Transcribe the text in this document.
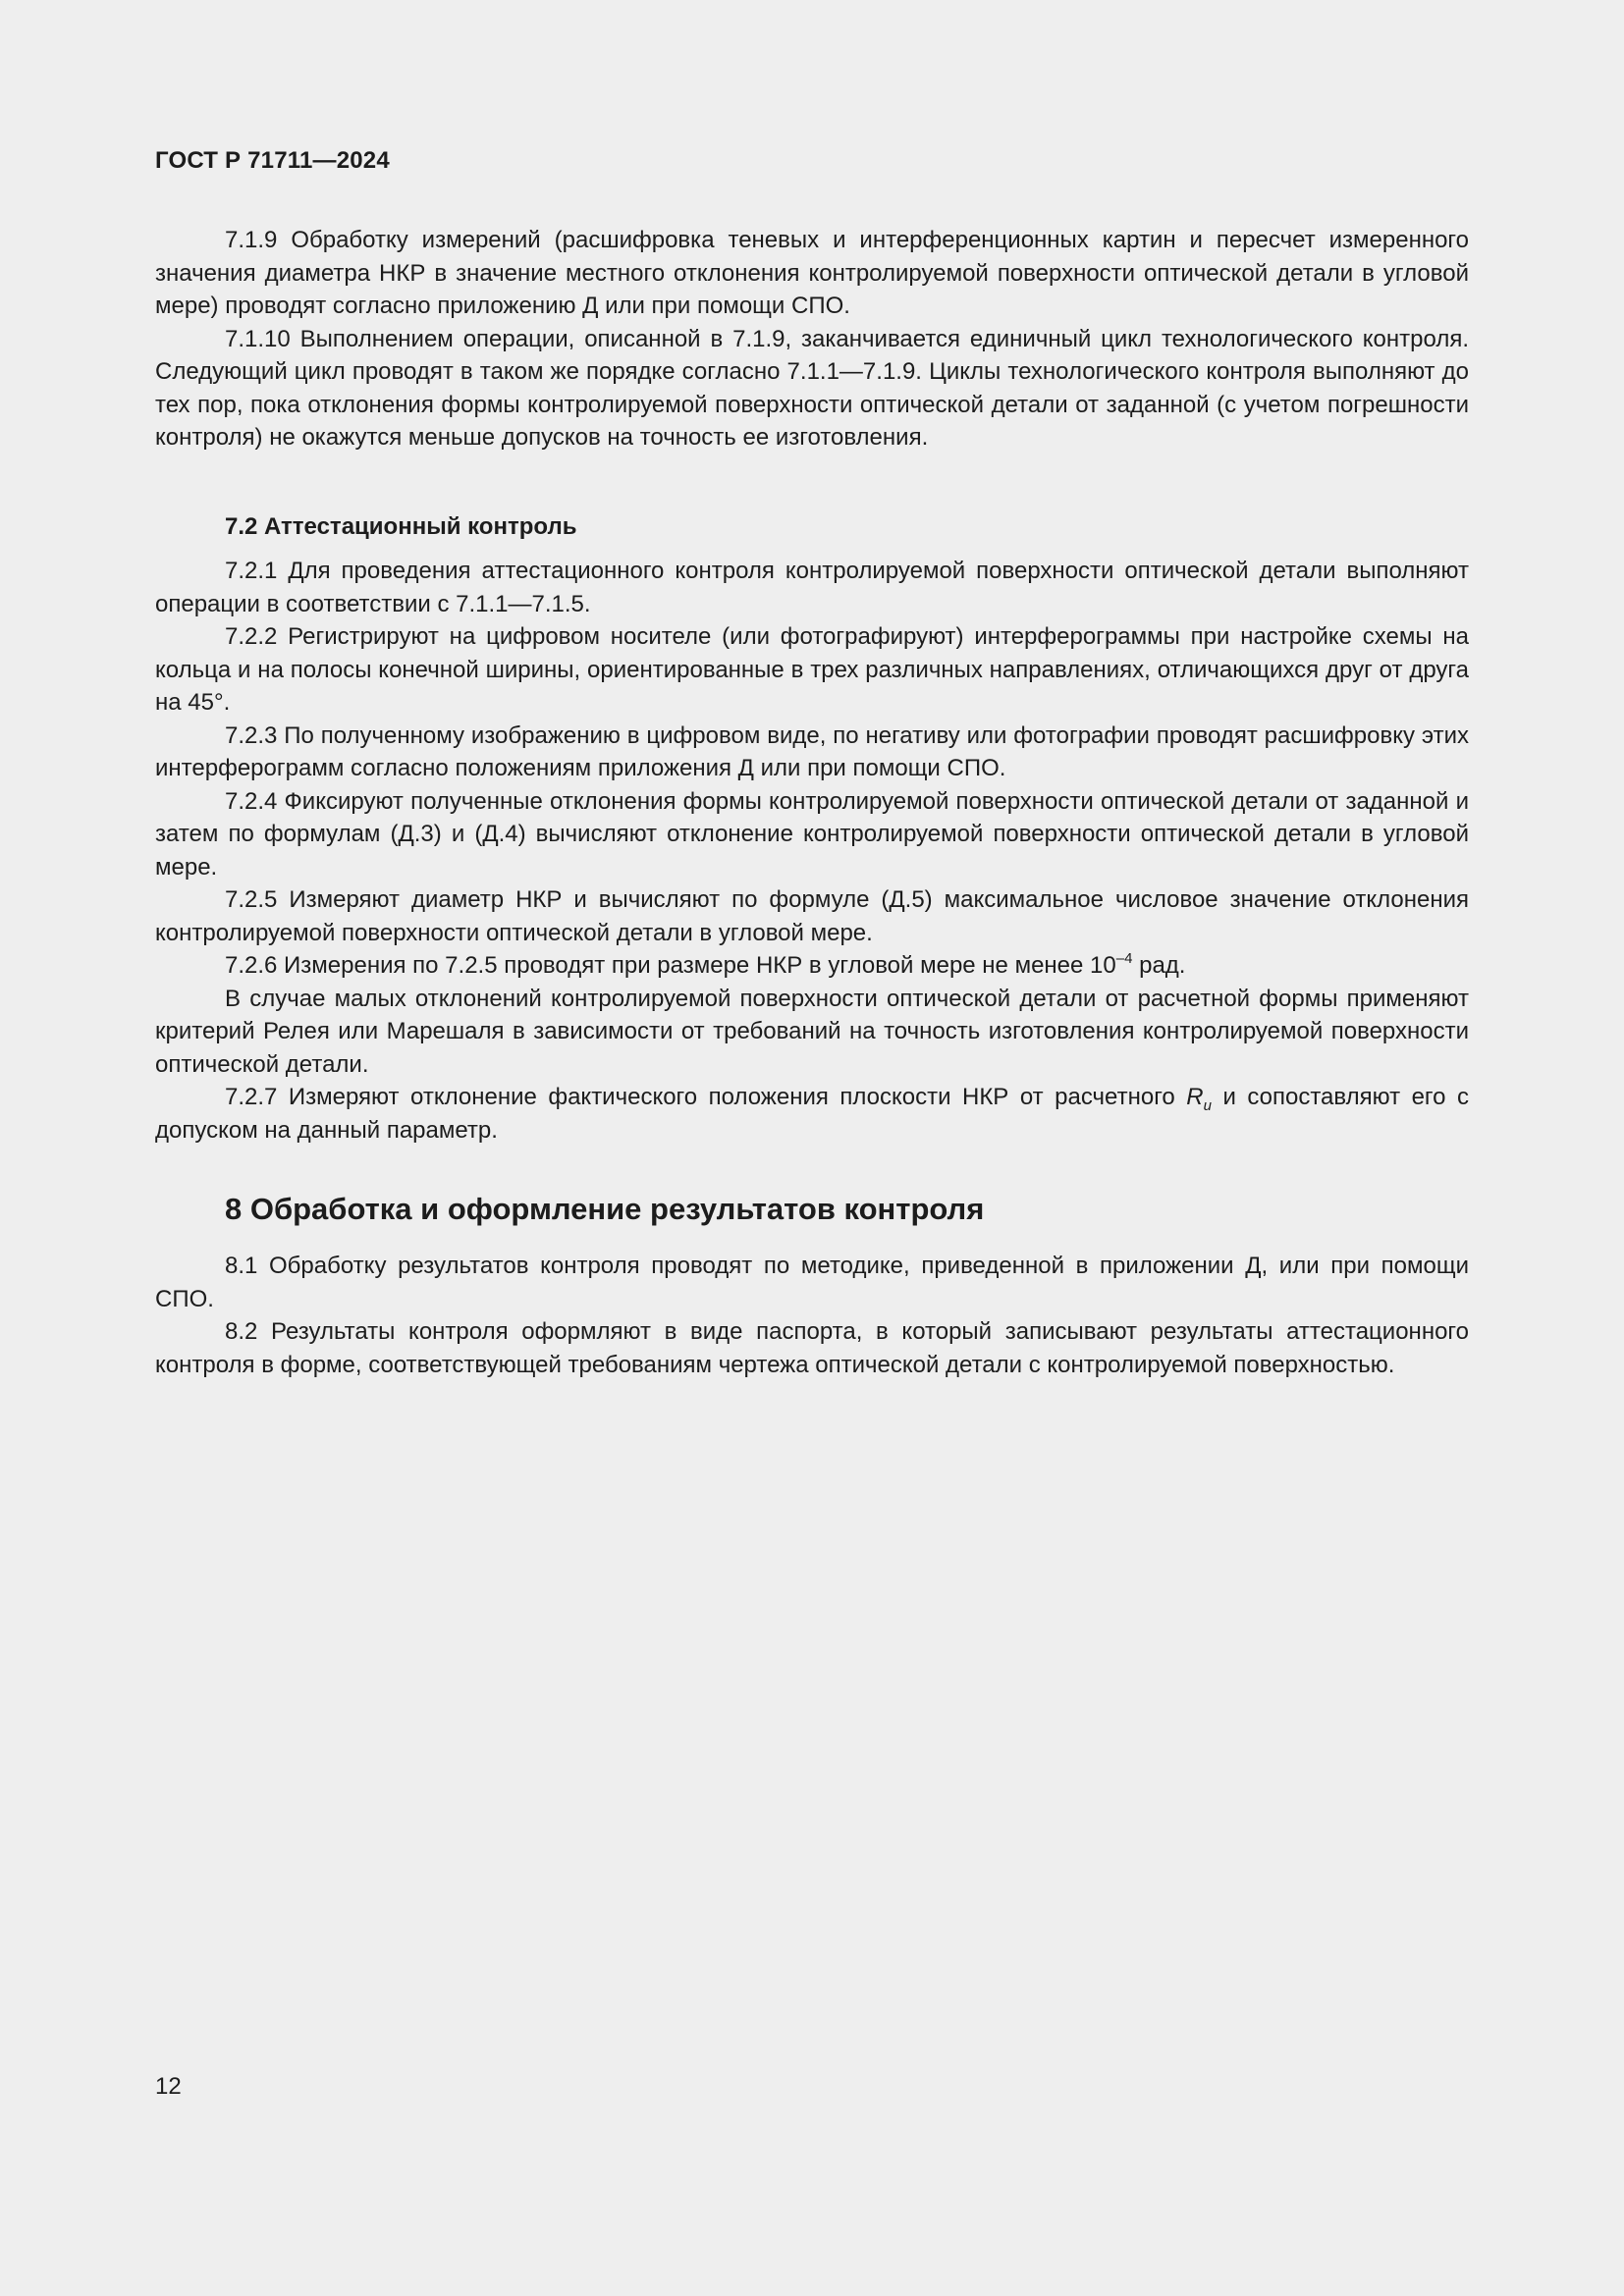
ГОСТ Р 71711—2024

7.1.9 Обработку измерений (расшифровка теневых и интерференционных картин и пересчет измеренного значения диаметра НКР в значение местного отклонения контролируемой поверхности оптической детали в угловой мере) проводят согласно приложению Д или при помощи СПО.

7.1.10 Выполнением операции, описанной в 7.1.9, заканчивается единичный цикл технологического контроля. Следующий цикл проводят в таком же порядке согласно 7.1.1—7.1.9. Циклы технологического контроля выполняют до тех пор, пока отклонения формы контролируемой поверхности оптической детали от заданной (с учетом погрешности контроля) не окажутся меньше допусков на точность ее изготовления.

7.2 Аттестационный контроль

7.2.1 Для проведения аттестационного контроля контролируемой поверхности оптической детали выполняют операции в соответствии с 7.1.1—7.1.5.

7.2.2 Регистрируют на цифровом носителе (или фотографируют) интерферограммы при настройке схемы на кольца и на полосы конечной ширины, ориентированные в трех различных направлениях, отличающихся друг от друга на 45°.

7.2.3 По полученному изображению в цифровом виде, по негативу или фотографии проводят расшифровку этих интерферограмм согласно положениям приложения Д или при помощи СПО.

7.2.4 Фиксируют полученные отклонения формы контролируемой поверхности оптической детали от заданной и затем по формулам (Д.3) и (Д.4) вычисляют отклонение контролируемой поверхности оптической детали в угловой мере.

7.2.5 Измеряют диаметр НКР и вычисляют по формуле (Д.5) максимальное числовое значение отклонения контролируемой поверхности оптической детали в угловой мере.

7.2.6 Измерения по 7.2.5 проводят при размере НКР в угловой мере не менее $10^{-4}$ рад.

В случае малых отклонений контролируемой поверхности оптической детали от расчетной формы применяют критерий Релея или Марешаля в зависимости от требований на точность изготовления контролируемой поверхности оптической детали.

7.2.7 Измеряют отклонение фактического положения плоскости НКР от расчетного $R_u$ и сопоставляют его с допуском на данный параметр.

8 Обработка и оформление результатов контроля

8.1 Обработку результатов контроля проводят по методике, приведенной в приложении Д, или при помощи СПО.

8.2 Результаты контроля оформляют в виде паспорта, в который записывают результаты аттестационного контроля в форме, соответствующей требованиям чертежа оптической детали с контролируемой поверхностью.

12
